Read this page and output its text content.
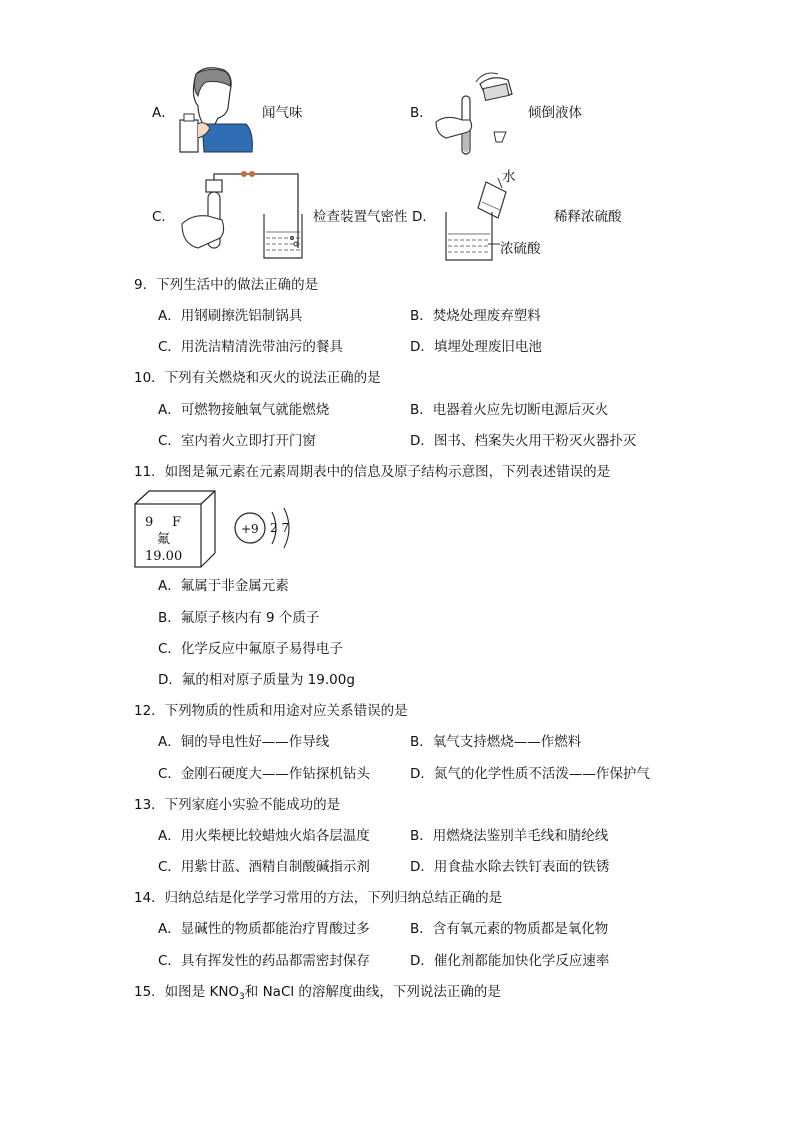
A．	闻气味	B．	倾倒液体
C．	检查装置气密性 D．
水
浓硫酸
稀释浓硫酸
9．下列生活中的做法正确的是
A．用钢刷擦洗铝制锅具	B．焚烧处理废弃塑料
C．用洗洁精清洗带油污的餐具	D．填埋处理废旧电池
10．下列有关燃烧和灭火的说法正确的是
A．可燃物接触氧气就能燃烧	B．电器着火应先切断电源后灭火
C．室内着火立即打开门窗	D．图书、档案失火用干粉灭火器扑灭
11．如图是氟元素在元素周期表中的信息及原子结构示意图，下列表述错误的是
9 F
氟
19.00
+9 2 7
A．氟属于非金属元素
B．氟原子核内有 9 个质子
C．化学反应中氟原子易得电子
D．氟的相对原子质量为 19.00g
12．下列物质的性质和用途对应关系错误的是
A．铜的导电性好——作导线	B．氧气支持燃烧——作燃料
C．金刚石硬度大——作钻探机钻头	D．氮气的化学性质不活泼——作保护气
13．下列家庭小实验不能成功的是
A．用火柴梗比较蜡烛火焰各层温度	B．用燃烧法鉴别羊毛线和腈纶线
C．用紫甘蓝、酒精自制酸碱指示剂	D．用食盐水除去铁钉表面的铁锈
14．归纳总结是化学学习常用的方法，下列归纳总结正确的是
A．显碱性的物质都能治疗胃酸过多	B．含有氧元素的物质都是氧化物
C．具有挥发性的药品都需密封保存	D．催化剂都能加快化学反应速率
15．如图是 $KNO_3$和 NaCl 的溶解度曲线，下列说法正确的是
